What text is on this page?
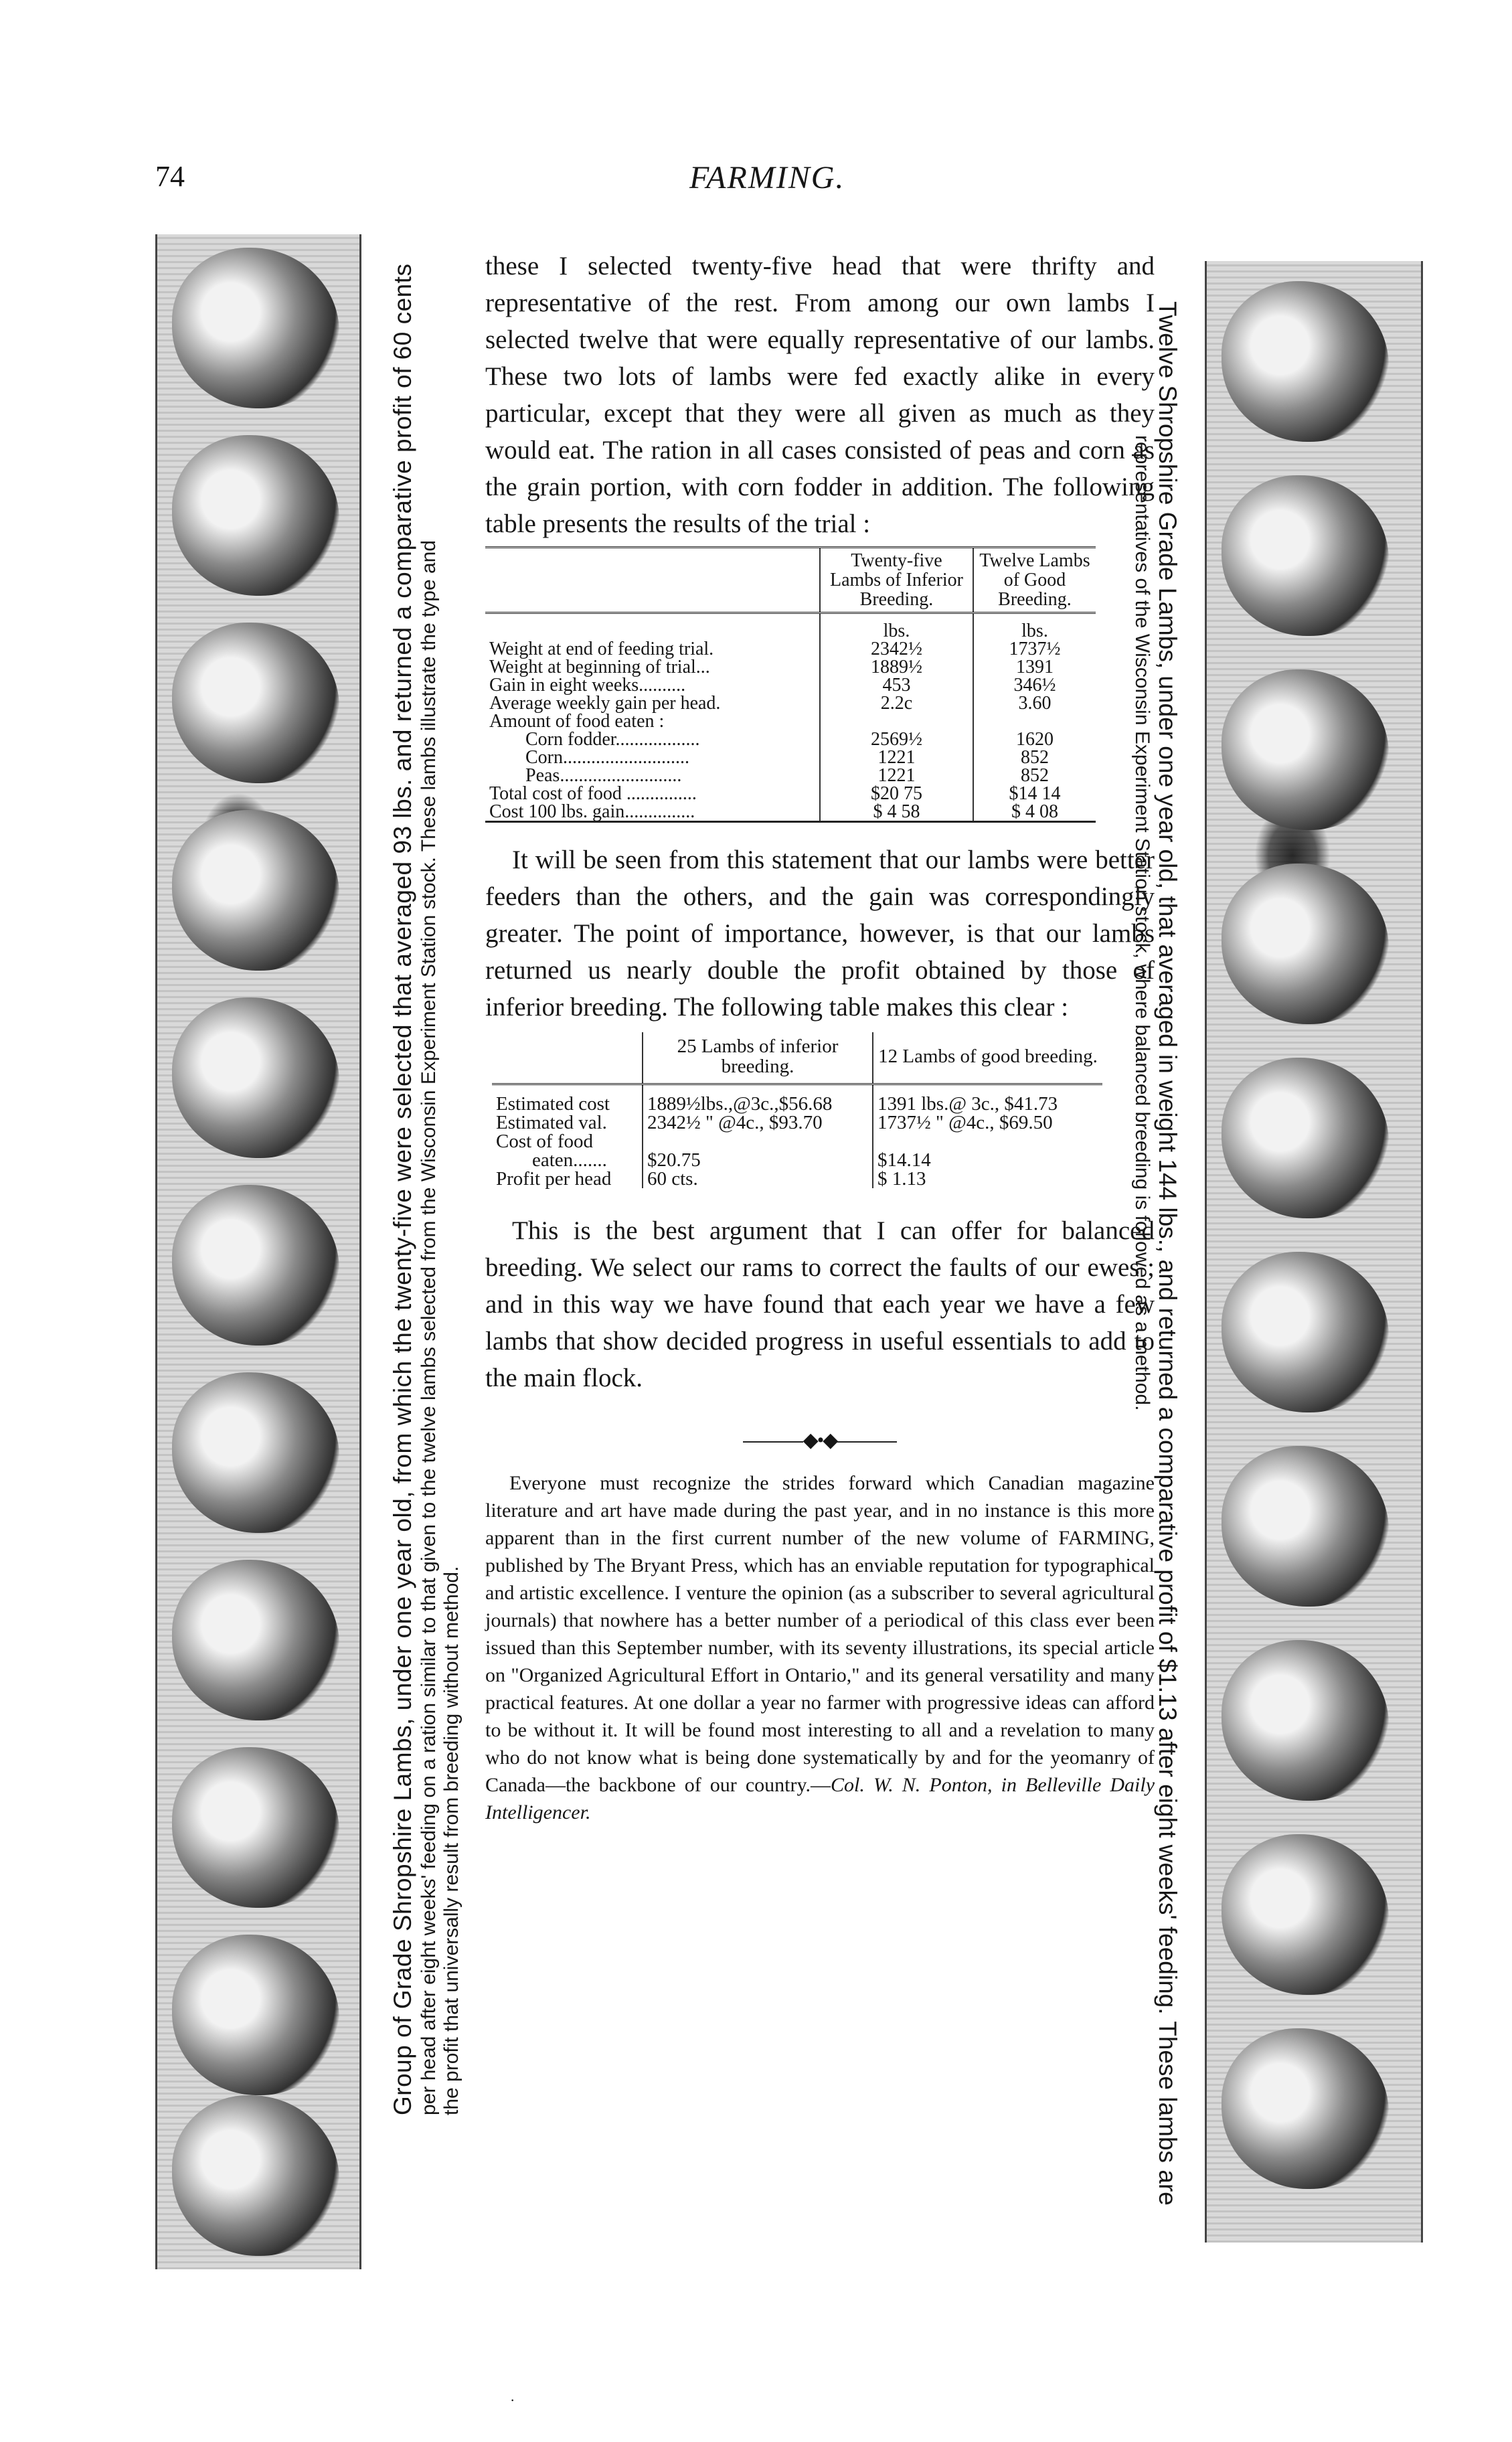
74	FARMING.
Group of Grade Shropshire Lambs, under one year old, from which the twenty-five were selected that averaged 93 lbs. and returned a comparative profit of 60 cents per head after eight weeks' feeding on a ration similar to that given to the twelve lambs selected from the Wisconsin Experiment Station stock. These lambs illustrate the type and the profit that universally result from breeding without method.	Twelve Shropshire Grade Lambs, under one year old, that averaged in weight 144 lbs., and returned a comparative profit of $1.13 after eight weeks' feeding. These lambs are
representatives of the Wisconsin Experiment Station stock, where balanced breeding is followed as a method.

these I selected twenty-five head that were thrifty and representative of the rest. From among our own lambs I selected twelve that were equally representative of our lambs. These two lots of lambs were fed exactly alike in every particular, except that they were all given as much as they would eat. The ration in all cases consisted of peas and corn as the grain portion, with corn fodder in addition. The following table presents the results of the trial :

	Twenty-five Lambs of Inferior Breeding.	Twelve Lambs of Good Breeding.
	lbs.	lbs.
Weight at end of feeding trial.	2342½	1737½
Weight at beginning of trial...	1889½	1391
Gain in eight weeks..........	453	346½
Average weekly gain per head.	2.2c	3.60
Amount of food eaten :		
Corn fodder..................	2569½	1620
Corn...........................	1221	852
Peas..........................	1221	852
Total cost of food ...............	$20 75	$14 14
Cost 100 lbs. gain...............	$ 4 58	$ 4 08

It will be seen from this statement that our lambs were better feeders than the others, and the gain was correspondingly greater. The point of importance, however, is that our lambs returned us nearly double the profit obtained by those of inferior breeding. The following table makes this clear :

	25 Lambs of inferior breeding.	12 Lambs of good breeding.
Estimated cost	1889½lbs.,@3c.,$56.68	1391 lbs.@ 3c., $41.73
Estimated val.	2342½ " @4c., $93.70	1737½ " @4c., $69.50
Cost of food		
eaten.......	$20.75	$14.14
Profit per head	60 cts.	$ 1.13

This is the best argument that I can offer for balanced breeding. We select our rams to correct the faults of our ewes ; and in this way we have found that each year we have a few lambs that show decided progress in useful essentials to add to the main flock.

◆•◆

Everyone must recognize the strides forward which Canadian magazine literature and art have made during the past year, and in no instance is this more apparent than in the first current number of the new volume of FARMING, published by The Bryant Press, which has an enviable reputation for typographical and artistic excellence. I venture the opinion (as a subscriber to several agricultural journals) that nowhere has a better number of a periodical of this class ever been issued than this September number, with its seventy illustrations, its special article on "Organized Agricultural Effort in Ontario," and its general versatility and many practical features. At one dollar a year no farmer with progressive ideas can afford to be without it. It will be found most interesting to all and a revelation to many who do not know what is being done systematically by and for the yeomanry of Canada—the backbone of our country.—Col. W. N. Ponton, in Belleville Daily Intelligencer.

·
